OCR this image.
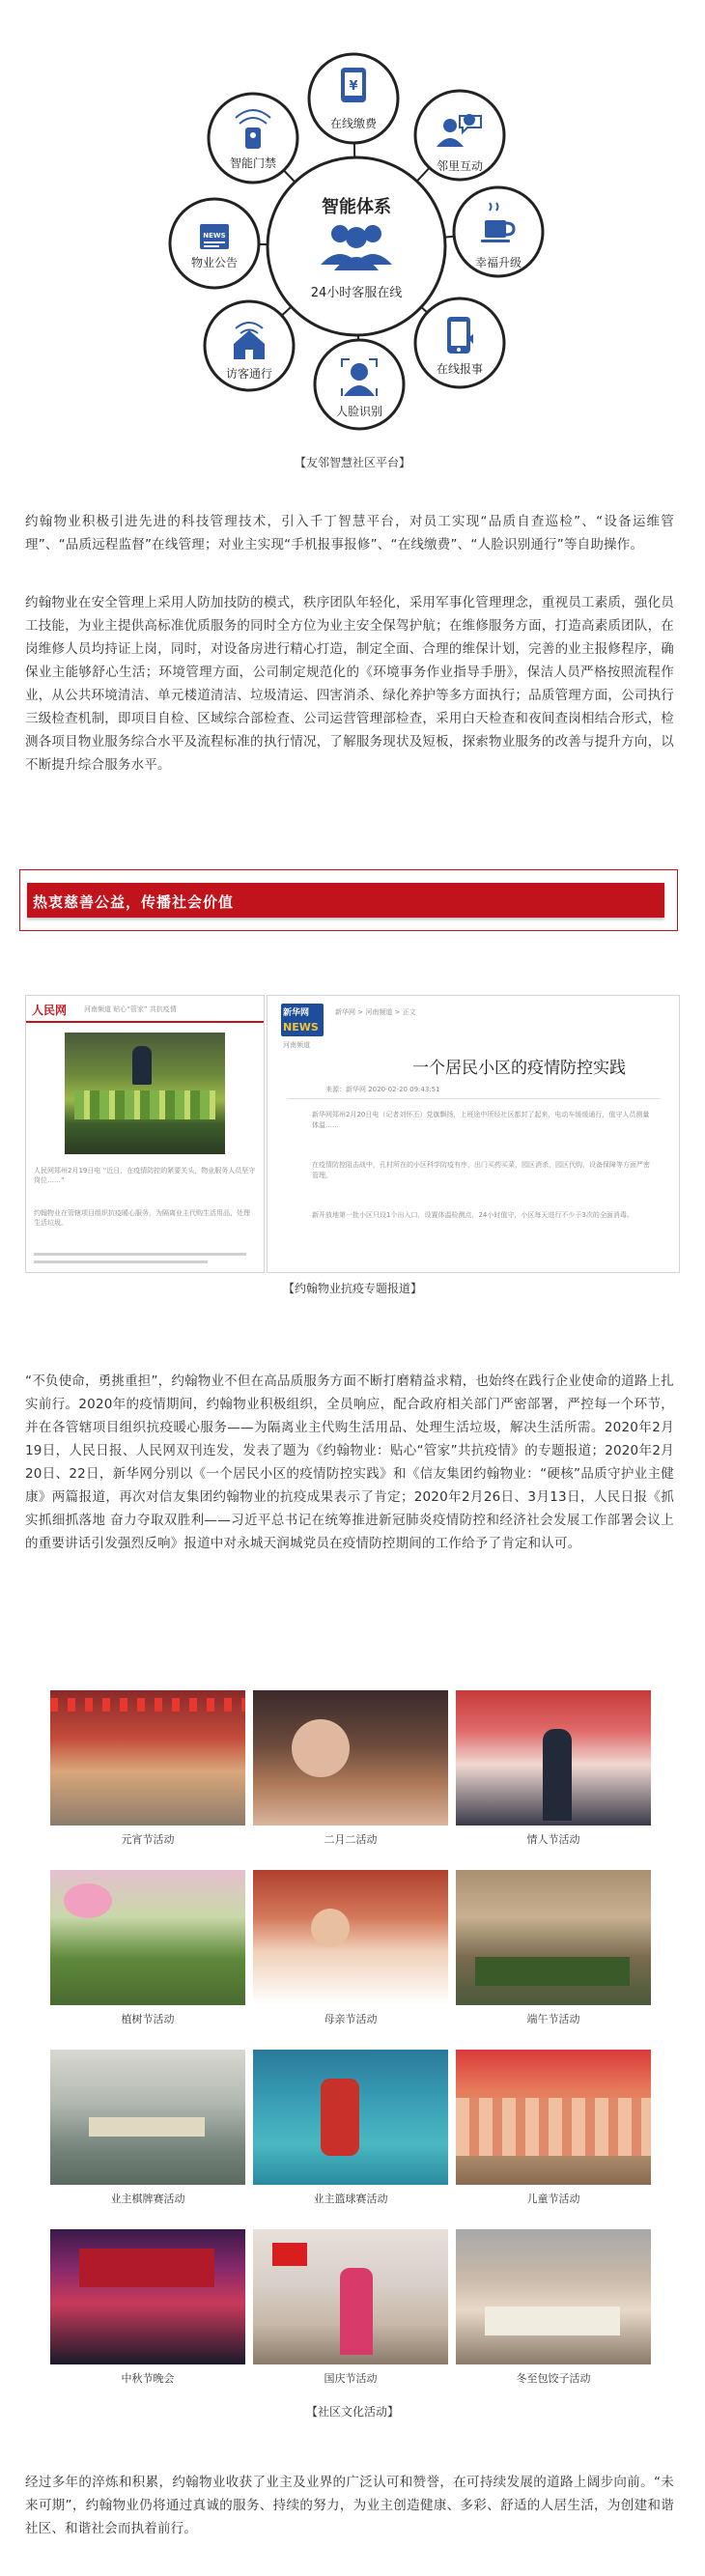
智能体系
24小时客服在线
¥
NEWS
在线缴费
邻里互动
幸福升级
在线报事
人脸识别
访客通行
物业公告
智能门禁
【友邻智慧社区平台】

约翰物业积极引进先进的科技管理技术，引入千丁智慧平台，对员工实现“品质自查巡检”、“设备运维管理”、“品质远程监督”在线管理；对业主实现“手机报事报修”、“在线缴费”、“人脸识别通行”等自助操作。

约翰物业在安全管理上采用人防加技防的模式，秩序团队年轻化，采用军事化管理理念，重视员工素质，强化员工技能，为业主提供高标准优质服务的同时全方位为业主安全保驾护航；在维修服务方面，打造高素质团队，在岗维修人员均持证上岗，同时，对设备房进行精心打造，制定全面、合理的维保计划，完善的业主报修程序，确保业主能够舒心生活；环境管理方面，公司制定规范化的《环境事务作业指导手册》，保洁人员严格按照流程作业，从公共环境清洁、单元楼道清洁、垃圾清运、四害消杀、绿化养护等多方面执行；品质管理方面，公司执行三级检查机制，即项目自检、区域综合部检查、公司运营管理部检查，采用白天检查和夜间查岗相结合形式，检测各项目物业服务综合水平及流程标准的执行情况，了解服务现状及短板，探索物业服务的改善与提升方向，以不断提升综合服务水平。

热衷慈善公益，传播社会价值
人民网	河南频道 贴心“管家” 共抗疫情
人民网郑州2月19日电 “近日，在疫情防控的紧要关头，物业服务人员坚守岗位……”
约翰物业在管辖项目组织抗疫暖心服务，为隔离业主代购生活用品、处理生活垃圾。
新华网
NEWS
河南频道
新华网 > 河南频道 > 正文
一个居民小区的疫情防控实践
来源：新华网 2020-02-20 09:43:51
新华网郑州2月20日电（记者刘怀丕）党旗飘扬，上班途中所经社区都封了起来，电动车缓缓通行，值守人员测量体温……
在疫情防控阻击战中，孔村所在的小区科学防疫有序，出门买药买菜，园区消杀，园区代购，设备保障等方面严密管理。
新开放地第一批小区只设1个出入口，设置体温检测点，24小时值守，小区每天进行不少于3次的全面消毒。
【约翰物业抗疫专题报道】

“不负使命，勇挑重担”，约翰物业不但在高品质服务方面不断打磨精益求精，也始终在践行企业使命的道路上扎实前行。2020年的疫情期间，约翰物业积极组织，全员响应，配合政府相关部门严密部署，严控每一个环节，并在各管辖项目组织抗疫暖心服务——为隔离业主代购生活用品、处理生活垃圾，解决生活所需。2020年2月19日，人民日报、人民网双刊连发，发表了题为《约翰物业：贴心“管家”共抗疫情》的专题报道；2020年2月20日、22日，新华网分别以《一个居民小区的疫情防控实践》和《信友集团约翰物业：“硬核”品质守护业主健康》两篇报道，再次对信友集团约翰物业的抗疫成果表示了肯定；2020年2月26日、3月13日，人民日报《抓实抓细抓落地 奋力夺取双胜利——习近平总书记在统筹推进新冠肺炎疫情防控和经济社会发展工作部署会议上的重要讲话引发强烈反响》报道中对永城天润城党员在疫情防控期间的工作给予了肯定和认可。

元宵节活动	二月二活动	情人节活动
植树节活动	母亲节活动	端午节活动
业主棋牌赛活动	业主篮球赛活动	儿童节活动
中秋节晚会	国庆节活动	冬至包饺子活动
【社区文化活动】

经过多年的淬炼和积累，约翰物业收获了业主及业界的广泛认可和赞誉，在可持续发展的道路上阔步向前。“未来可期”，约翰物业仍将通过真诚的服务、持续的努力，为业主创造健康、多彩、舒适的人居生活，为创建和谐社区、和谐社会而执着前行。
